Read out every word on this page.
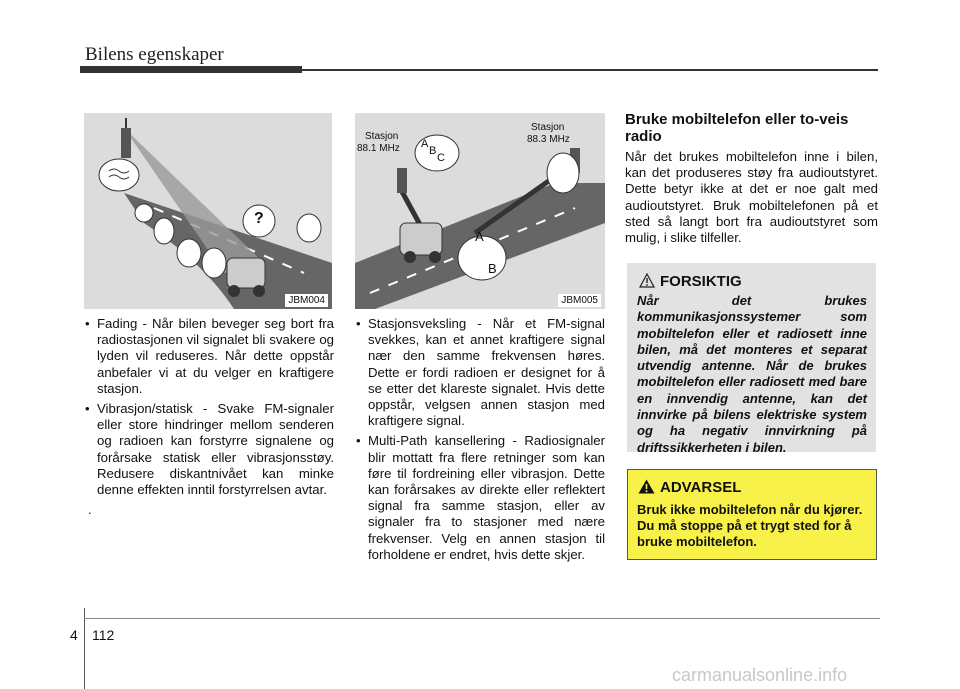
Bilens egenskaper
?
JBM004
Stasjon
88.1 MHz
Stasjon
88.3 MHz
A
B
C
A
B
JBM005
• Fading - Når bilen beveger seg bort fra radiostasjonen vil signalet bli svakere og lyden vil reduseres. Når dette oppstår anbefaler vi at du velger en kraftigere stasjon.
• Vibrasjon/statisk - Svake FM-signaler eller store hindringer mellom senderen og radioen kan forstyrre signalene og forårsake statisk eller vibrasjonsstøy. Redusere diskantnivået kan minke denne effekten inntil forstyrrelsen avtar.
.
• Stasjonsveksling - Når et FM-signal svekkes, kan et annet kraftigere signal nær den samme frekvensen høres. Dette er fordi radioen er designet for å se etter det klareste signalet. Hvis dette oppstår, velgsen annen stasjon med kraftigere signal.
• Multi-Path kansellering - Radiosignaler blir mottatt fra flere retninger som kan føre til fordreining eller vibrasjon. Dette kan forårsakes av direkte eller reflektert signal fra samme stasjon, eller av signaler fra to stasjoner med nære frekvenser. Velg en annen stasjon til forholdene er endret, hvis dette skjer.
Bruke mobiltelefon eller to-veis radio
Når det brukes mobiltelefon inne i bilen, kan det produseres støy fra audioutstyret. Dette betyr ikke at det er noe galt med audioutstyret. Bruk mobiltelefonen på et sted så langt bort fra audioutstyret som mulig, i slike tilfeller.
FORSIKTIG
Når det brukes kommunikasjonssystemer som mobiltelefon eller et radiosett inne bilen, må det monteres et separat utvendig antenne. Når de brukes mobiltelefon eller radiosett med bare en innvendig antenne, kan det innvirke på bilens elektriske system og ha negativ innvirkning på driftssikkerheten i bilen.
ADVARSEL
Bruk ikke mobiltelefon når du kjører. Du må stoppe på et trygt sted for å bruke mobiltelefon.
4 112
carmanualsonline.info
